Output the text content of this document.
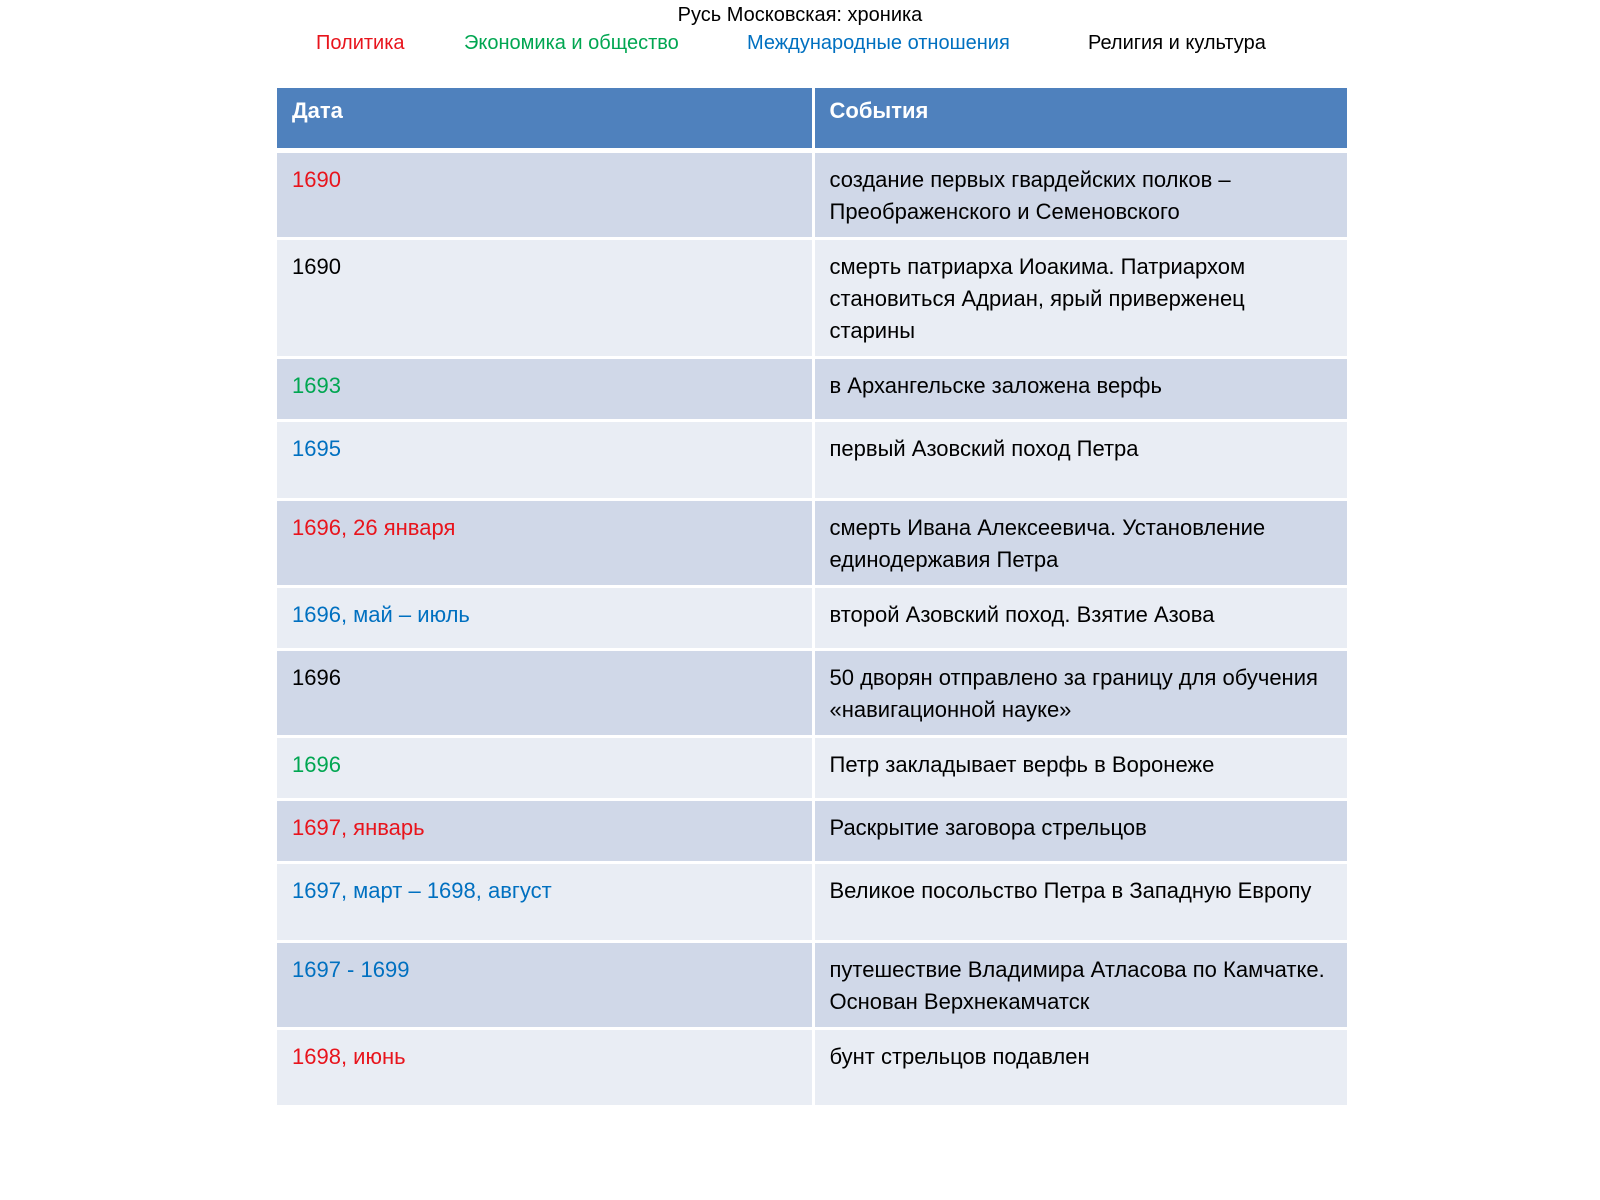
Русь Московская: хроника
Политика	Экономика и общество	Международные отношения	Религия и культура
Дата	События
1690	создание первых гвардейских полков – Преображенского и Семеновского
1690	смерть патриарха Иоакима. Патриархом становиться Адриан, ярый приверженец старины
1693	в Архангельске заложена верфь
1695	первый Азовский поход Петра
1696, 26 января	смерть Ивана Алексеевича. Установление единодержавия Петра
1696, май – июль	второй Азовский поход. Взятие Азова
1696	50 дворян отправлено за границу для обучения «навигационной науке»
1696	Петр закладывает верфь в Воронеже
1697, январь	Раскрытие заговора стрельцов
1697, март – 1698, август	Великое посольство Петра в Западную Европу
1697 - 1699	путешествие Владимира Атласова по Камчатке. Основан Верхнекамчатск
1698, июнь	бунт стрельцов подавлен
